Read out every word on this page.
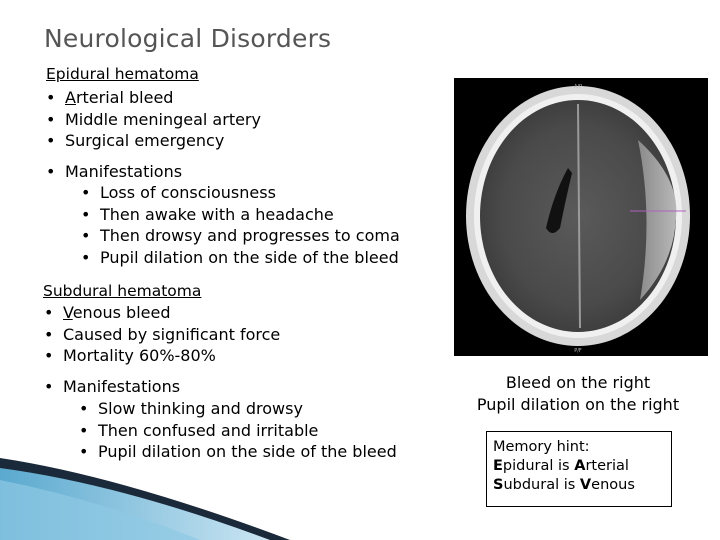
Neurological Disorders
Epidural hematoma
• Arterial bleed
• Middle meningeal artery
• Surgical emergency
• Manifestations
• Loss of consciousness
• Then awake with a headache
• Then drowsy and progresses to coma
• Pupil dilation on the side of the bleed
Subdural hematoma
• Venous bleed
• Caused by significant force
• Mortality 60%-80%
• Manifestations
• Slow thinking and drowsy
• Then confused and irritable
• Pupil dilation on the side of the bleed
A/P
P/F
Bleed on the right
Pupil dilation on the right
Memory hint:
Epidural is Arterial
Subdural is Venous
